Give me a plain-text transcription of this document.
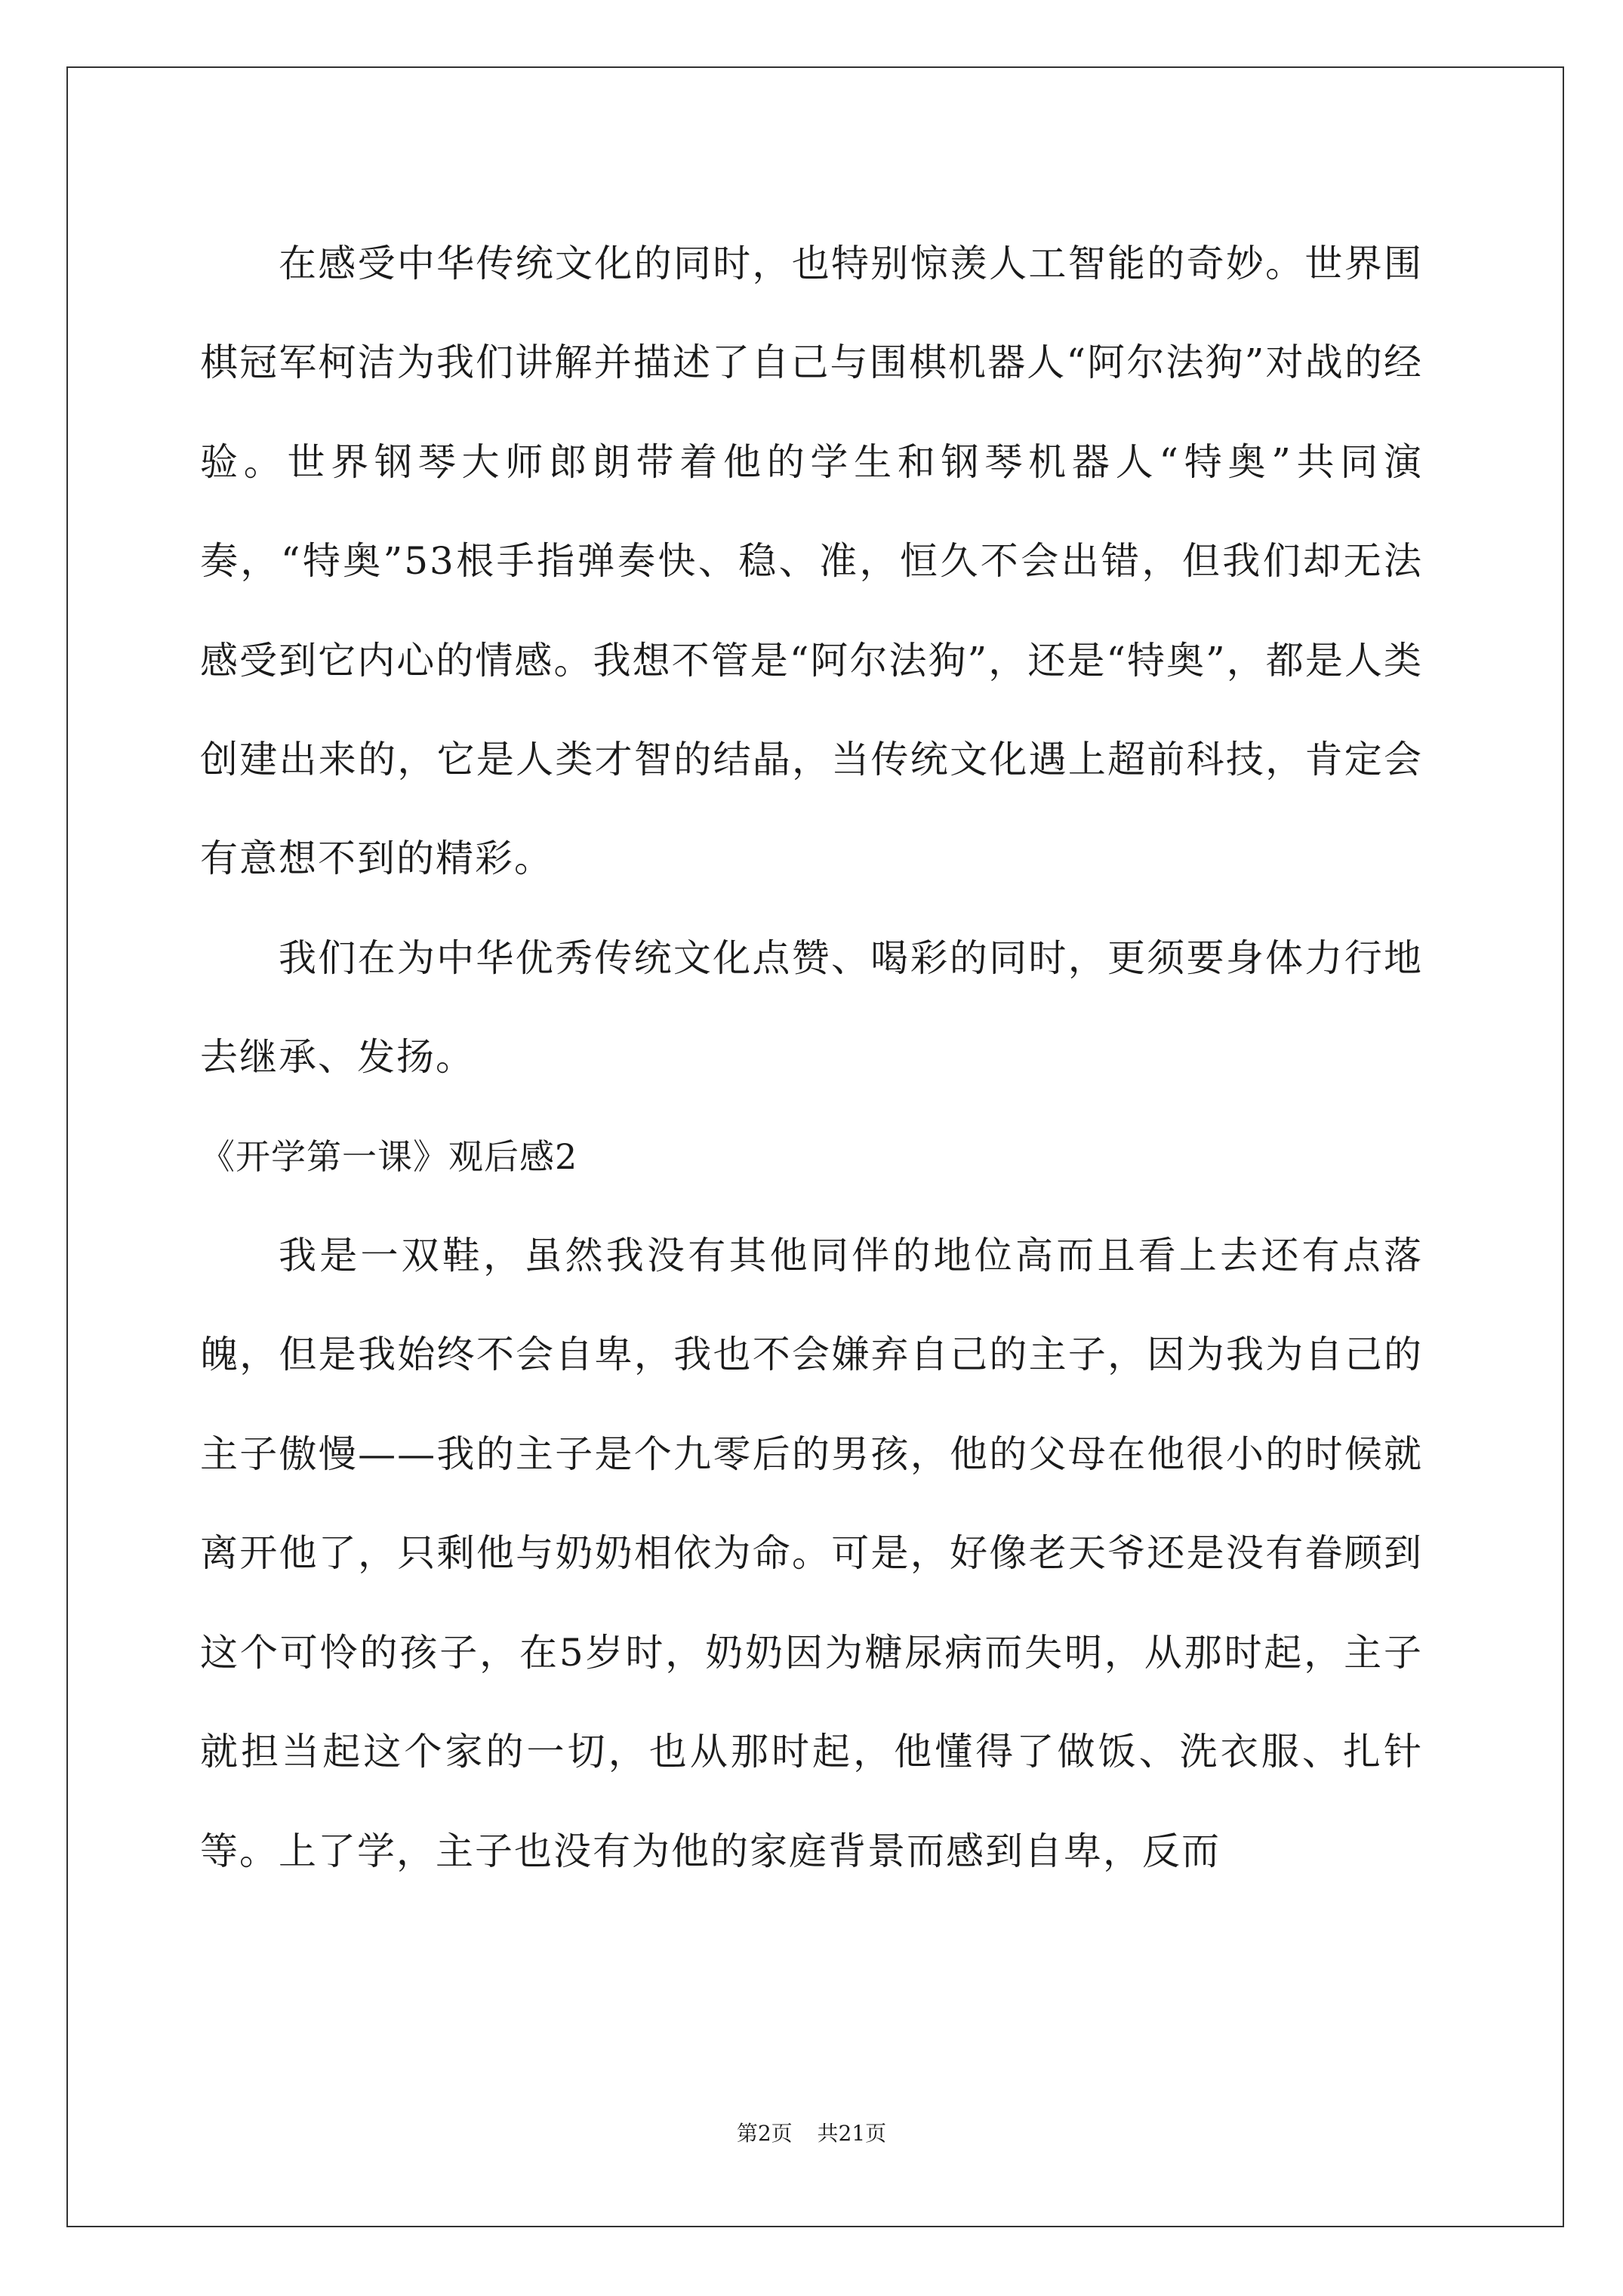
在感受中华传统文化的同时，也特别惊羡人工智能的奇妙。世界围棋冠军柯洁为我们讲解并描述了自己与围棋机器人“阿尔法狗”对战的经验。世界钢琴大师郎朗带着他的学生和钢琴机器人“特奥”共同演奏，“特奥”53根手指弹奏快、稳、准，恒久不会出错，但我们却无法感受到它内心的情感。我想不管是“阿尔法狗”，还是“特奥”，都是人类创建出来的，它是人类才智的结晶，当传统文化遇上超前科技，肯定会有意想不到的精彩。

我们在为中华优秀传统文化点赞、喝彩的同时，更须要身体力行地去继承、发扬。

《开学第一课》观后感2

我是一双鞋，虽然我没有其他同伴的地位高而且看上去还有点落魄，但是我始终不会自卑，我也不会嫌弃自己的主子，因为我为自己的主子傲慢——我的主子是个九零后的男孩，他的父母在他很小的时候就离开他了，只剩他与奶奶相依为命。可是，好像老天爷还是没有眷顾到这个可怜的孩子，在5岁时，奶奶因为糖尿病而失明，从那时起，主子就担当起这个家的一切，也从那时起，他懂得了做饭、洗衣服、扎针等。上了学，主子也没有为他的家庭背景而感到自卑，反而

第2页 共21页
